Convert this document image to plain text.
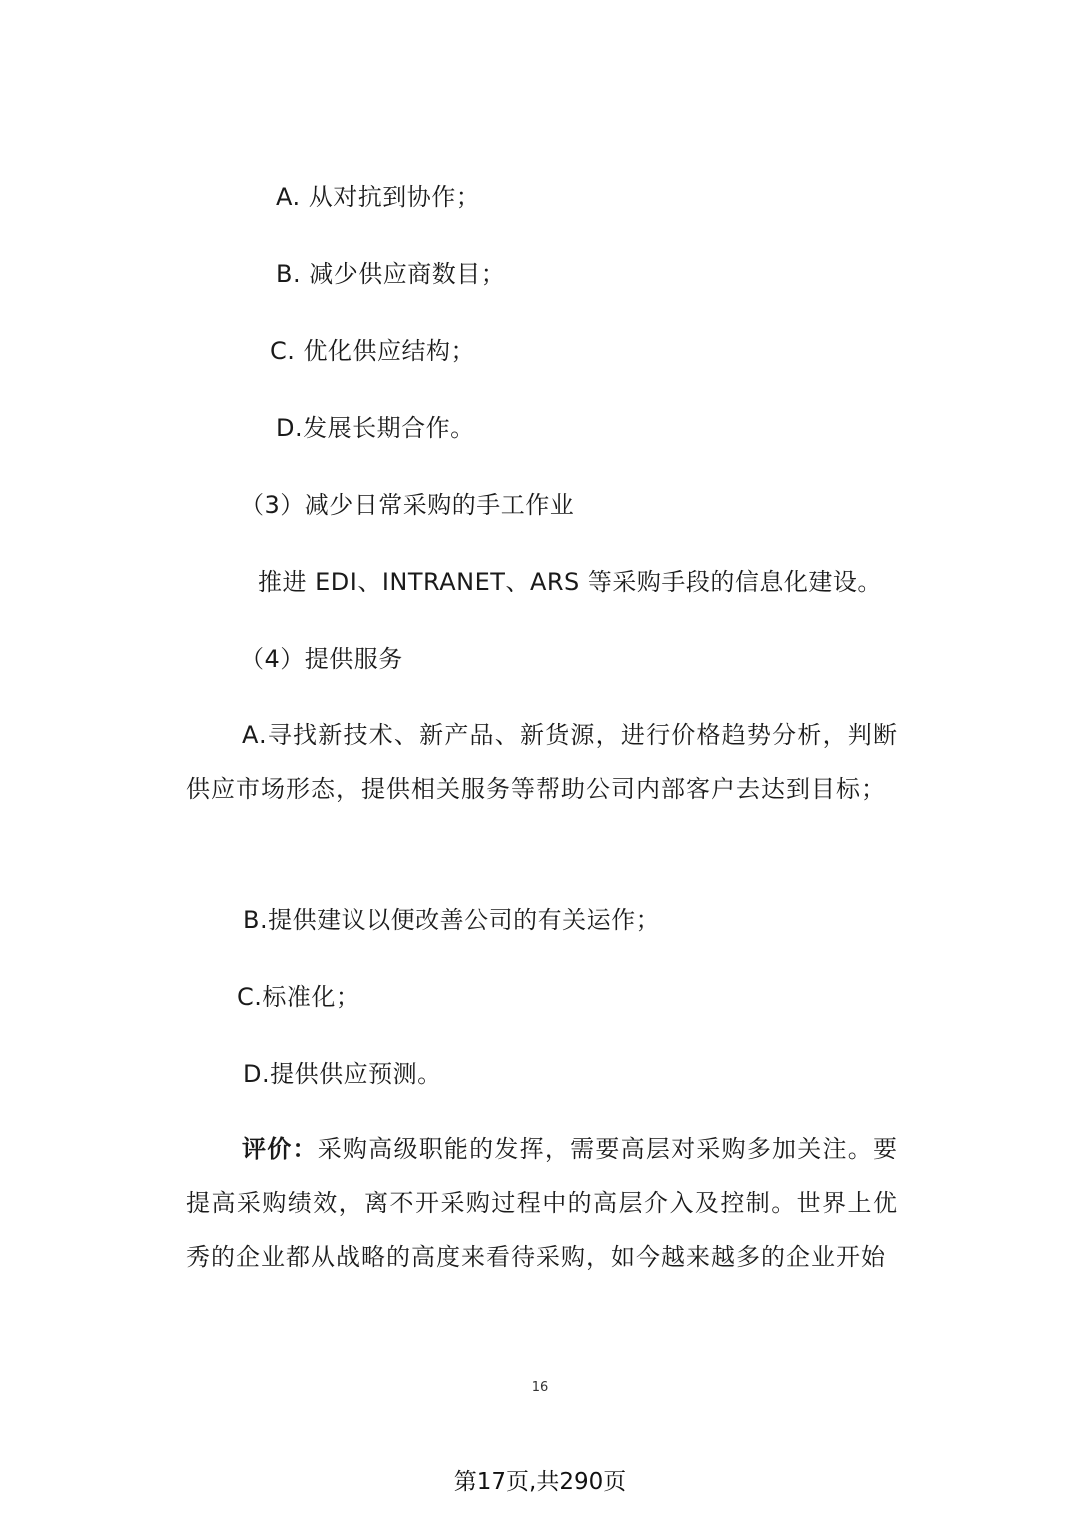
A. 从对抗到协作；
B. 减少供应商数目；
C. 优化供应结构；
D.发展长期合作。
（3）减少日常采购的手工作业
推进 EDI、INTRANET、ARS 等采购手段的信息化建设。
（4）提供服务
A.寻找新技术、新产品、新货源，进行价格趋势分析，判断供应市场形态，提供相关服务等帮助公司内部客户去达到目标；
B.提供建议以便改善公司的有关运作；
C.标准化；
D.提供供应预测。
评价：采购高级职能的发挥，需要高层对采购多加关注。要提高采购绩效，离不开采购过程中的高层介入及控制。世界上优秀的企业都从战略的高度来看待采购，如今越来越多的企业开始
16
第17页,共290页
